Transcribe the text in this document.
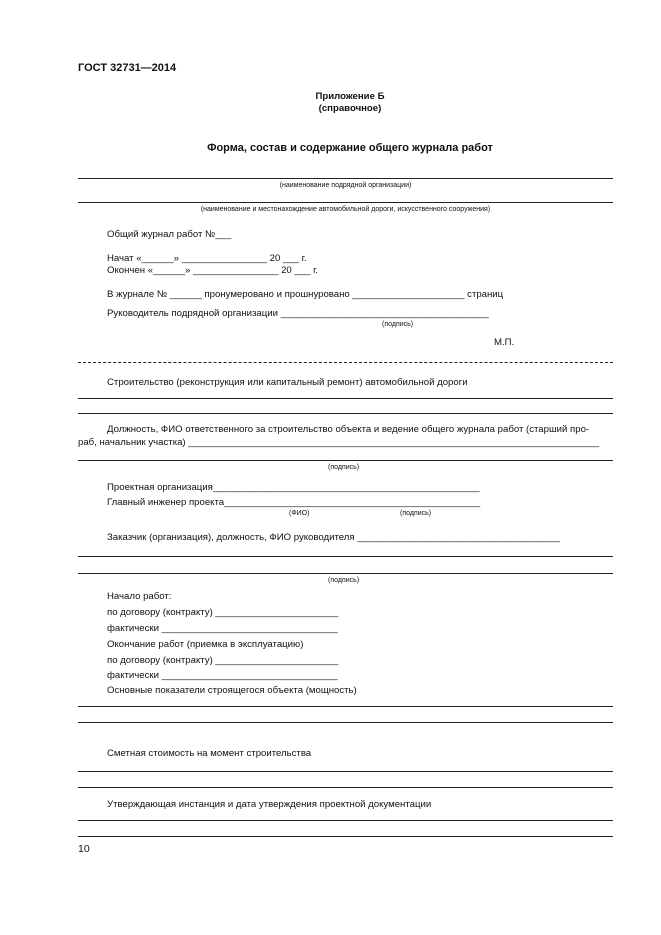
ГОСТ 32731—2014
Приложение Б
(справочное)
Форма, состав и содержание общего журнала работ
(наименование подрядной организации)
(наименование и местонахождение автомобильной дороги, искусственного сооружения)
Общий журнал работ №___
Начат «______» ________________ 20 ___ г.
Окончен «______» ________________ 20 ___ г.
В журнале № ______ пронумеровано и прошнуровано _____________________ страниц
Руководитель подрядной организации _______________________________________
(подпись)
М.П.
Строительство (реконструкция или капитальный ремонт) автомобильной дороги
Должность, ФИО ответственного за строительство объекта и ведение общего журнала работ (старший про-
раб, начальник участка) _____________________________________________________________________________
(подпись)
Проектная организация__________________________________________________
Главный инженер проекта________________________________________________
(ФИО)	(подпись)
Заказчик (организация), должность, ФИО руководителя ______________________________________
(подпись)
Начало работ:
по договору (контракту) _______________________
фактически _________________________________
Окончание работ (приемка в эксплуатацию)
по договору (контракту) _______________________
фактически _________________________________
Основные показатели строящегося объекта (мощность)
Сметная стоимость на момент строительства
Утверждающая инстанция и дата утверждения проектной документации
10
